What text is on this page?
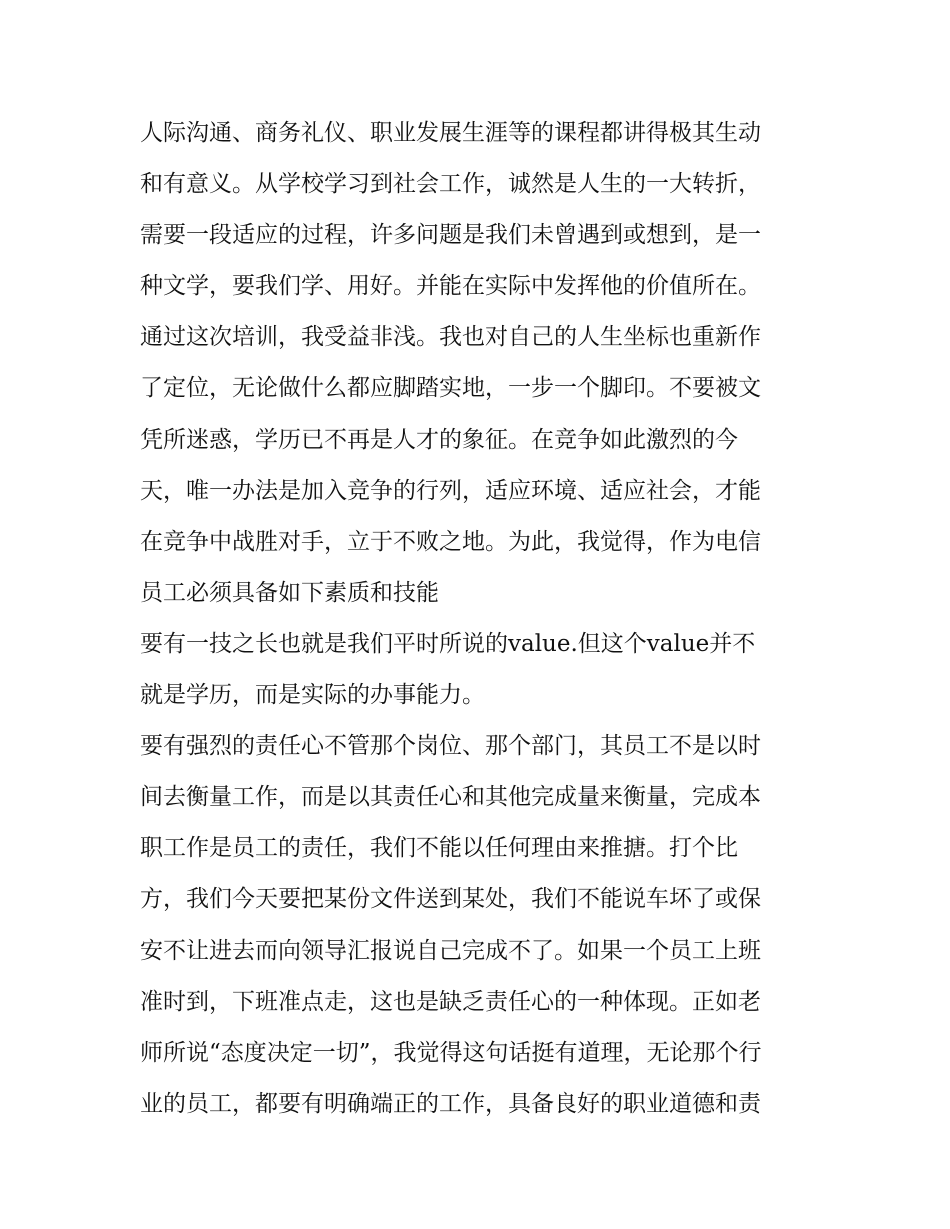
人际沟通、商务礼仪、职业发展生涯等的课程都讲得极其生动
和有意义。从学校学习到社会工作，诚然是人生的一大转折，
需要一段适应的过程，许多问题是我们未曾遇到或想到，是一
种文学，要我们学、用好。并能在实际中发挥他的价值所在。
通过这次培训，我受益非浅。我也对自己的人生坐标也重新作
了定位，无论做什么都应脚踏实地，一步一个脚印。不要被文
凭所迷惑，学历已不再是人才的象征。在竞争如此激烈的今
天，唯一办法是加入竞争的行列，适应环境、适应社会，才能
在竞争中战胜对手，立于不败之地。为此，我觉得，作为电信
员工必须具备如下素质和技能
要有一技之长也就是我们平时所说的value.但这个value并不
就是学历，而是实际的办事能力。
要有强烈的责任心不管那个岗位、那个部门，其员工不是以时
间去衡量工作，而是以其责任心和其他完成量来衡量，完成本
职工作是员工的责任，我们不能以任何理由来推搪。打个比
方，我们今天要把某份文件送到某处，我们不能说车坏了或保
安不让进去而向领导汇报说自己完成不了。如果一个员工上班
准时到，下班准点走，这也是缺乏责任心的一种体现。正如老
师所说“态度决定一切”，我觉得这句话挺有道理，无论那个行
业的员工，都要有明确端正的工作，具备良好的职业道德和责
